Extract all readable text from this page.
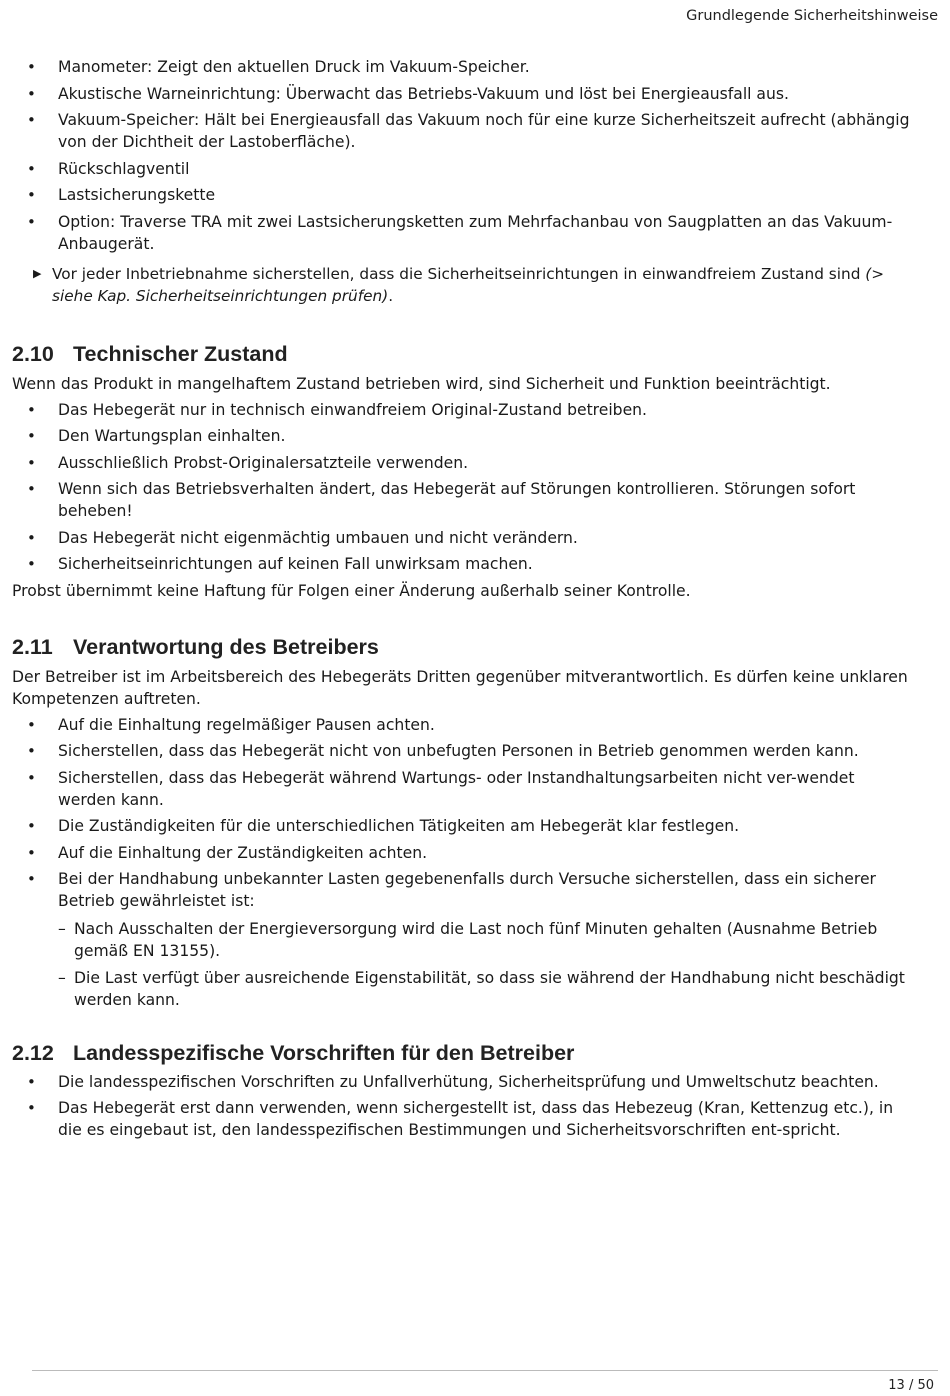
Grundlegende Sicherheitshinweise
• Manometer: Zeigt den aktuellen Druck im Vakuum-Speicher.
• Akustische Warneinrichtung: Überwacht das Betriebs-Vakuum und löst bei Energieausfall aus.
• Vakuum-Speicher: Hält bei Energieausfall das Vakuum noch für eine kurze Sicherheitszeit aufrecht (abhängig von der Dichtheit der Lastoberfläche).
• Rückschlagventil
• Lastsicherungskette
• Option: Traverse TRA mit zwei Lastsicherungsketten zum Mehrfachanbau von Saugplatten an das Vakuum-Anbaugerät.
▶ Vor jeder Inbetriebnahme sicherstellen, dass die Sicherheitseinrichtungen in einwandfreiem Zustand sind (> siehe Kap. Sicherheitseinrichtungen prüfen).
2.10 Technischer Zustand
Wenn das Produkt in mangelhaftem Zustand betrieben wird, sind Sicherheit und Funktion beeinträchtigt.
• Das Hebegerät nur in technisch einwandfreiem Original-Zustand betreiben.
• Den Wartungsplan einhalten.
• Ausschließlich Probst-Originalersatzteile verwenden.
• Wenn sich das Betriebsverhalten ändert, das Hebegerät auf Störungen kontrollieren. Störungen sofort beheben!
• Das Hebegerät nicht eigenmächtig umbauen und nicht verändern.
• Sicherheitseinrichtungen auf keinen Fall unwirksam machen.
Probst übernimmt keine Haftung für Folgen einer Änderung außerhalb seiner Kontrolle.
2.11 Verantwortung des Betreibers
Der Betreiber ist im Arbeitsbereich des Hebegeräts Dritten gegenüber mitverantwortlich. Es dürfen keine unklaren Kompetenzen auftreten.
• Auf die Einhaltung regelmäßiger Pausen achten.
• Sicherstellen, dass das Hebegerät nicht von unbefugten Personen in Betrieb genommen werden kann.
• Sicherstellen, dass das Hebegerät während Wartungs- oder Instandhaltungsarbeiten nicht ver-wendet werden kann.
• Die Zuständigkeiten für die unterschiedlichen Tätigkeiten am Hebegerät klar festlegen.
• Auf die Einhaltung der Zuständigkeiten achten.
• Bei der Handhabung unbekannter Lasten gegebenenfalls durch Versuche sicherstellen, dass ein sicherer Betrieb gewährleistet ist:
– Nach Ausschalten der Energieversorgung wird die Last noch fünf Minuten gehalten (Ausnahme Betrieb gemäß EN 13155).
– Die Last verfügt über ausreichende Eigenstabilität, so dass sie während der Handhabung nicht beschädigt werden kann.
2.12 Landesspezifische Vorschriften für den Betreiber
• Die landesspezifischen Vorschriften zu Unfallverhütung, Sicherheitsprüfung und Umweltschutz beachten.
• Das Hebegerät erst dann verwenden, wenn sichergestellt ist, dass das Hebezeug (Kran, Kettenzug etc.), in die es eingebaut ist, den landesspezifischen Bestimmungen und Sicherheitsvorschriften ent-spricht.
13 / 50
